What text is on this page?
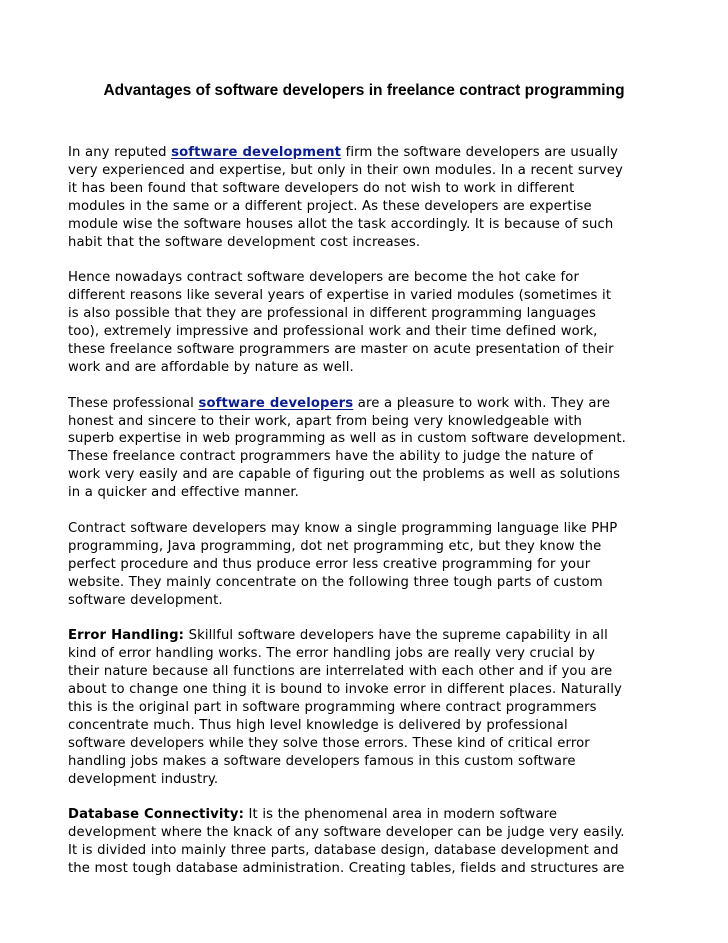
Advantages of software developers in freelance contract programming

In any reputed software development firm the software developers are usually
very experienced and expertise, but only in their own modules. In a recent survey
it has been found that software developers do not wish to work in different
modules in the same or a different project. As these developers are expertise
module wise the software houses allot the task accordingly. It is because of such
habit that the software development cost increases.

Hence nowadays contract software developers are become the hot cake for
different reasons like several years of expertise in varied modules (sometimes it
is also possible that they are professional in different programming languages
too), extremely impressive and professional work and their time defined work,
these freelance software programmers are master on acute presentation of their
work and are affordable by nature as well.

These professional software developers are a pleasure to work with. They are
honest and sincere to their work, apart from being very knowledgeable with
superb expertise in web programming as well as in custom software development.
These freelance contract programmers have the ability to judge the nature of
work very easily and are capable of figuring out the problems as well as solutions
in a quicker and effective manner.

Contract software developers may know a single programming language like PHP
programming, Java programming, dot net programming etc, but they know the
perfect procedure and thus produce error less creative programming for your
website. They mainly concentrate on the following three tough parts of custom
software development.

Error Handling: Skillful software developers have the supreme capability in all
kind of error handling works. The error handling jobs are really very crucial by
their nature because all functions are interrelated with each other and if you are
about to change one thing it is bound to invoke error in different places. Naturally
this is the original part in software programming where contract programmers
concentrate much. Thus high level knowledge is delivered by professional
software developers while they solve those errors. These kind of critical error
handling jobs makes a software developers famous in this custom software
development industry.

Database Connectivity: It is the phenomenal area in modern software
development where the knack of any software developer can be judge very easily.
It is divided into mainly three parts, database design, database development and
the most tough database administration. Creating tables, fields and structures are
